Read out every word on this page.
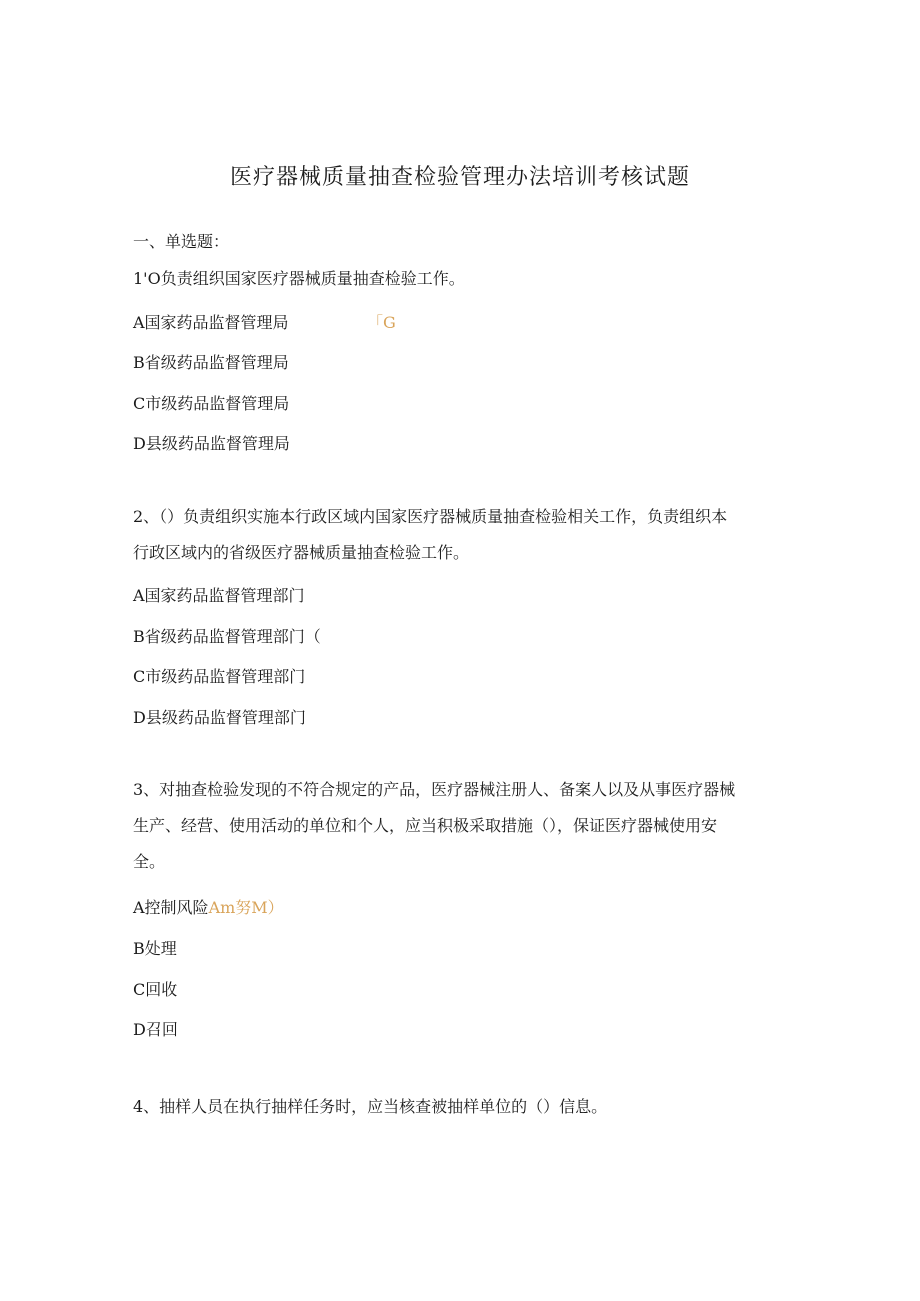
医疗器械质量抽查检验管理办法培训考核试题
一、单选题：
1'O负责组织国家医疗器械质量抽查检验工作。
A国家药品监督管理局	「G
B省级药品监督管理局
C市级药品监督管理局
D县级药品监督管理局
2、（）负责组织实施本行政区域内国家医疗器械质量抽查检验相关工作，负责组织本
行政区域内的省级医疗器械质量抽查检验工作。
A国家药品监督管理部门
B省级药品监督管理部门（
C市级药品监督管理部门
D县级药品监督管理部门
3、对抽查检验发现的不符合规定的产品，医疗器械注册人、备案人以及从事医疗器械
生产、经营、使用活动的单位和个人，应当积极采取措施（），保证医疗器械使用安
全。
A控制风险Am努M）
B处理
C回收
D召回
4、抽样人员在执行抽样任务时，应当核查被抽样单位的（）信息。
